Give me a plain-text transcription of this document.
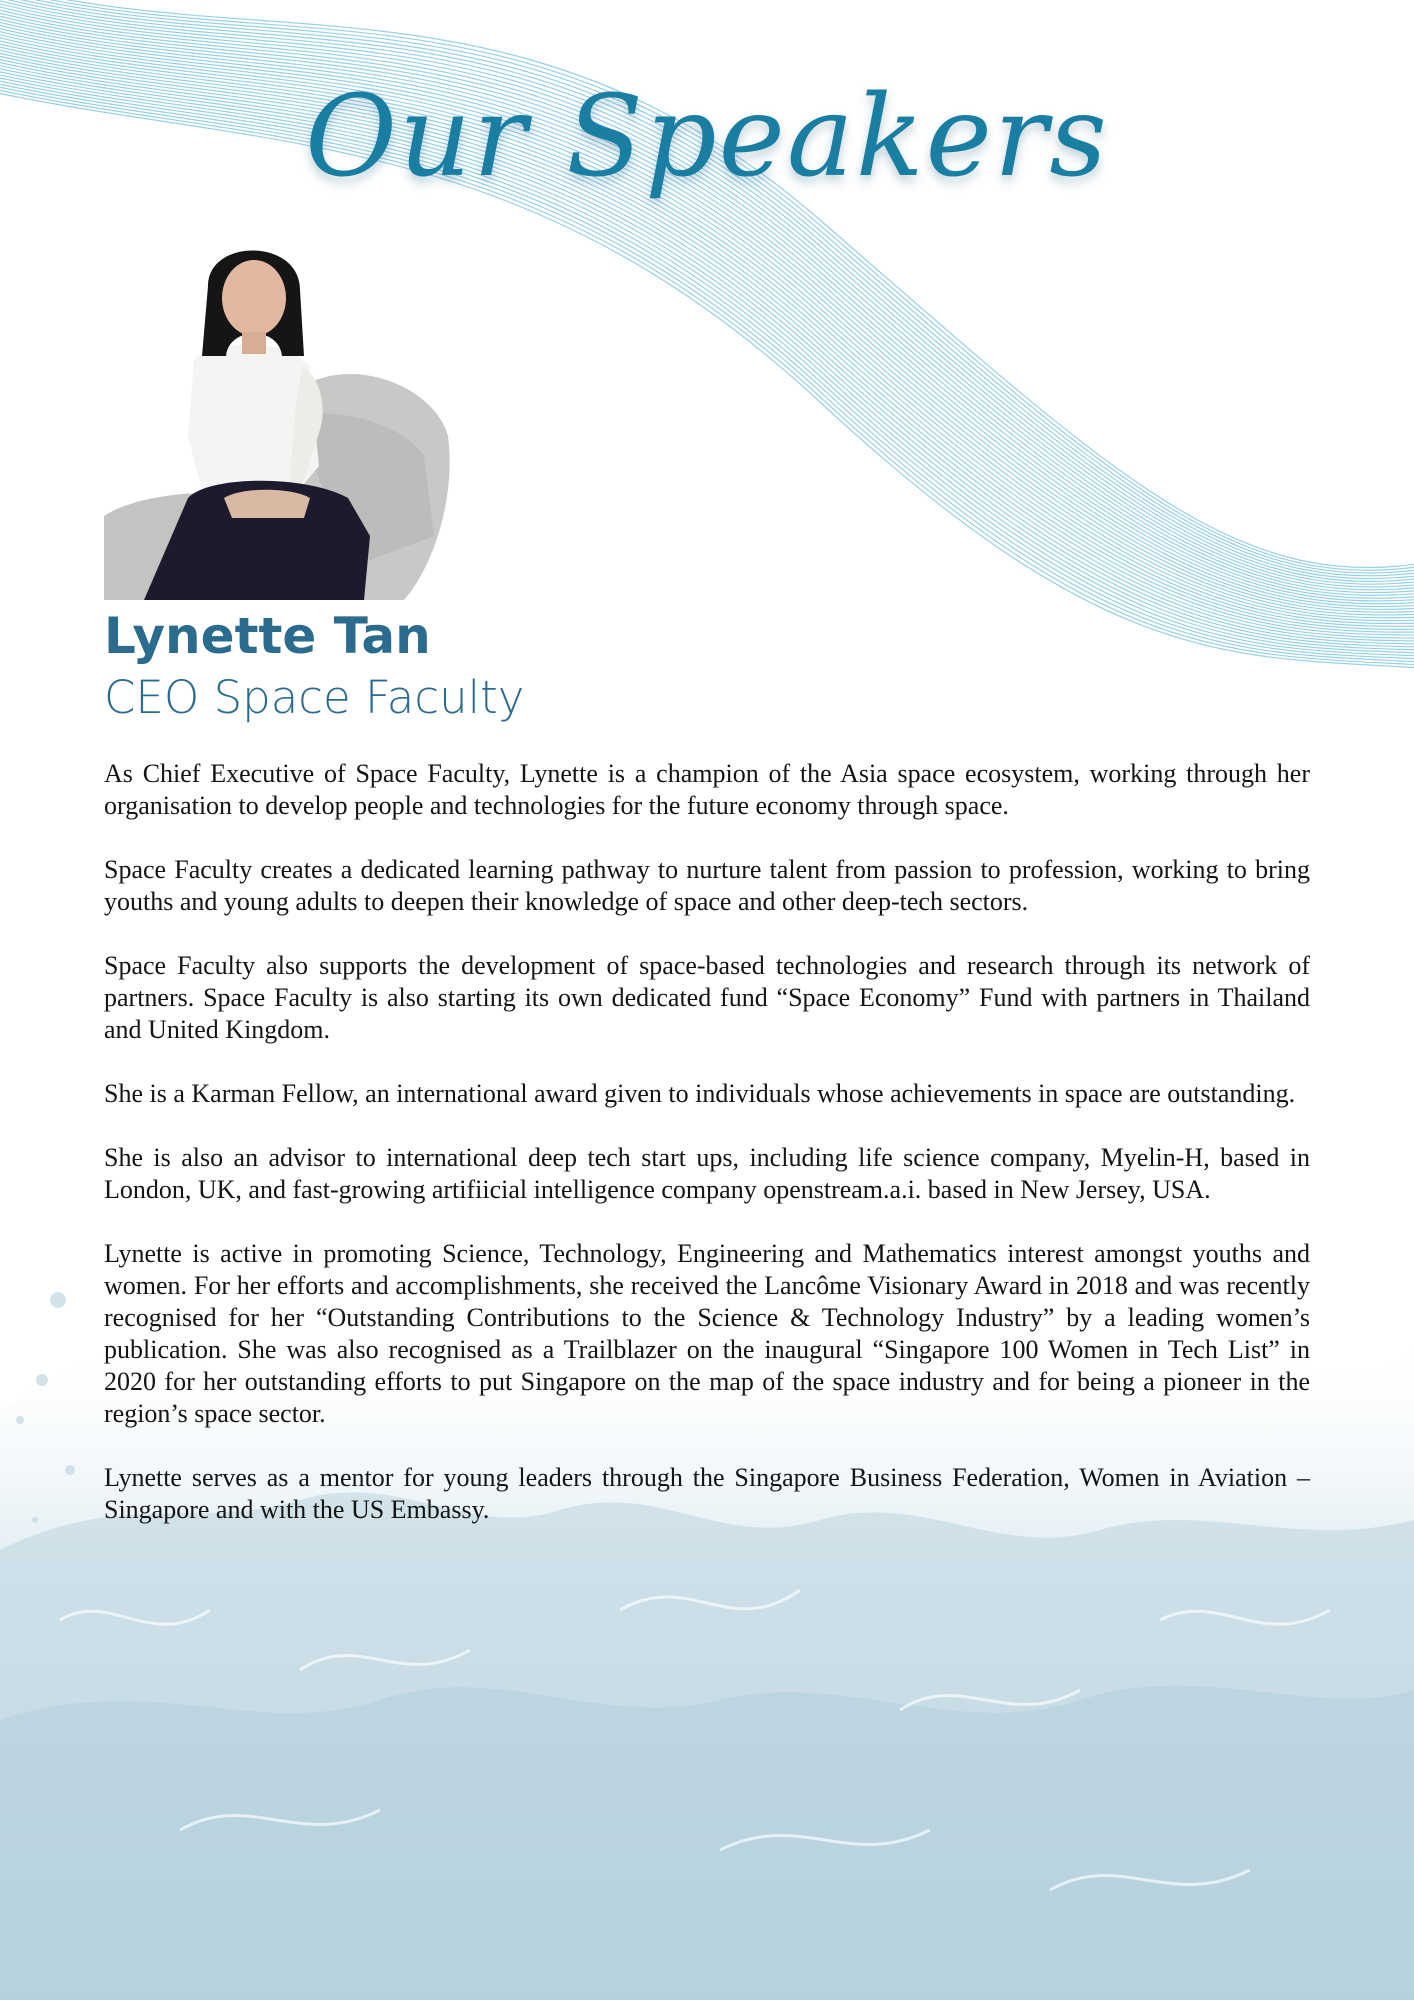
Our Speakers
Lynette Tan
CEO Space Faculty

As Chief Executive of Space Faculty, Lynette is a champion of the Asia space ecosystem, working through her organisation to develop people and technologies for the future economy through space.

Space Faculty creates a dedicated learning pathway to nurture talent from passion to profession, working to bring youths and young adults to deepen their knowledge of space and other deep-tech sectors.

Space Faculty also supports the development of space-based technologies and research through its network of partners. Space Faculty is also starting its own dedicated fund “Space Economy” Fund with partners in Thailand and United Kingdom.

She is a Karman Fellow, an international award given to individuals whose achievements in space are outstanding.

She is also an advisor to international deep tech start ups, including life science company, Myelin-H, based in London, UK, and fast-growing artifiicial intelligence company openstream.a.i. based in New Jersey, USA.

Lynette is active in promoting Science, Technology, Engineering and Mathematics interest amongst youths and women. For her efforts and accomplishments, she received the Lancôme Visionary Award in 2018 and was recently recognised for her “Outstanding Contributions to the Science & Technology Industry” by a leading women’s publication. She was also recognised as a Trailblazer on the inaugural “Singapore 100 Women in Tech List” in 2020 for her outstanding efforts to put Singapore on the map of the space industry and for being a pioneer in the region’s space sector.

Lynette serves as a mentor for young leaders through the Singapore Business Federation, Women in Aviation – Singapore and with the US Embassy.
